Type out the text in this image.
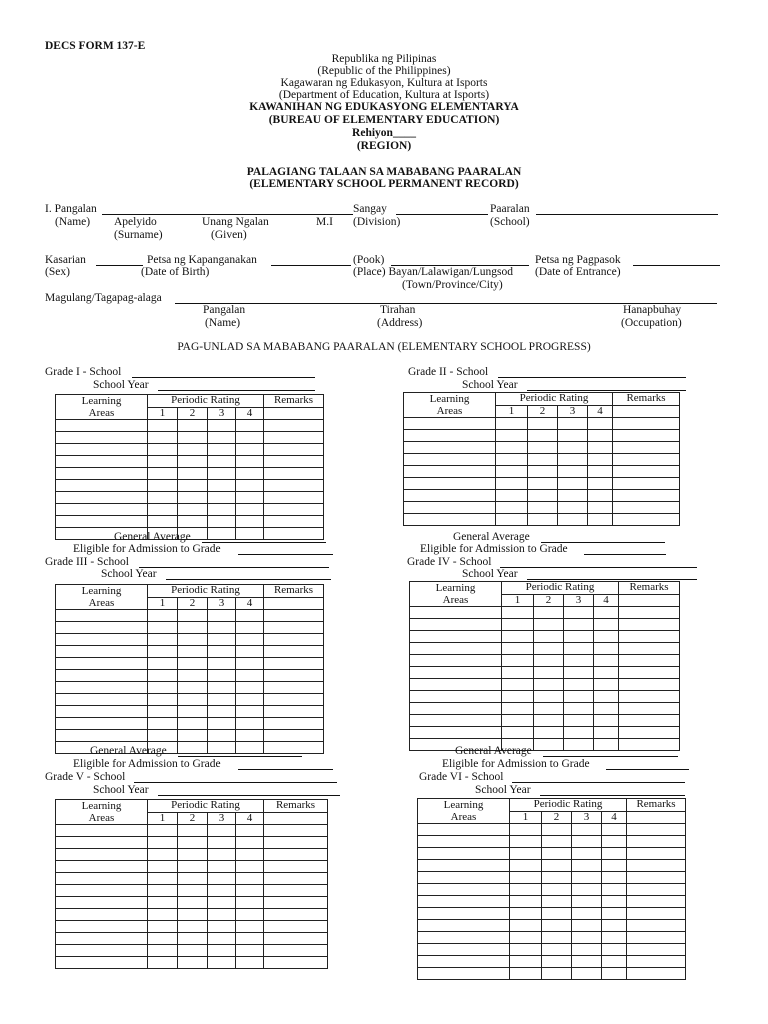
DECS FORM 137-E
Republika ng Pilipinas
(Republic of the Philippines)
Kagawaran ng Edukasyon, Kultura at Isports
(Department of Education, Kultura at Isports)
KAWANIHAN NG EDUKASYONG ELEMENTARYA
(BUREAU OF ELEMENTARY EDUCATION)
Rehiyon____
(REGION)
PALAGIANG TALAAN SA MABABANG PAARALAN
(ELEMENTARY SCHOOL PERMANENT RECORD)
I. Pangalan	Sangay	Paaralan
(Name) Apelyido	Unang Ngalan	M.I (Division)	(School)
(Surname)	(Given)
Kasarian	Petsa ng Kapanganakan	(Pook)	Petsa ng Pagpasok
(Sex)	(Date of Birth)	(Place) Bayan/Lalawigan/Lungsod (Date of Entrance)
(Town/Province/City)
Magulang/Tagapag-alaga
Pangalan
(Name)
Tirahan
(Address)
Hanapbuhay
(Occupation)
PAG-UNLAD SA MABABANG PAARALAN (ELEMENTARY SCHOOL PROGRESS)
Grade I - School
School Year
Learning
Areas	Periodic Rating				Remarks
	1	2	3	4	

General Average
Eligible for Admission to Grade
Grade II - School
School Year
Learning
Areas	Periodic Rating				Remarks
	1	2	3	4	

General Average
Eligible for Admission to Grade
Grade III - School
School Year
Learning
Areas	Periodic Rating				Remarks
	1	2	3	4	

General Average
Eligible for Admission to Grade
Grade IV - School
School Year
Learning
Areas	Periodic Rating				Remarks
	1	2	3	4	

General Average
Eligible for Admission to Grade
Grade V - School
School Year
Learning
Areas	Periodic Rating				Remarks
	1	2	3	4	

Grade VI - School
School Year
Learning
Areas	Periodic Rating				Remarks
	1	2	3	4	
